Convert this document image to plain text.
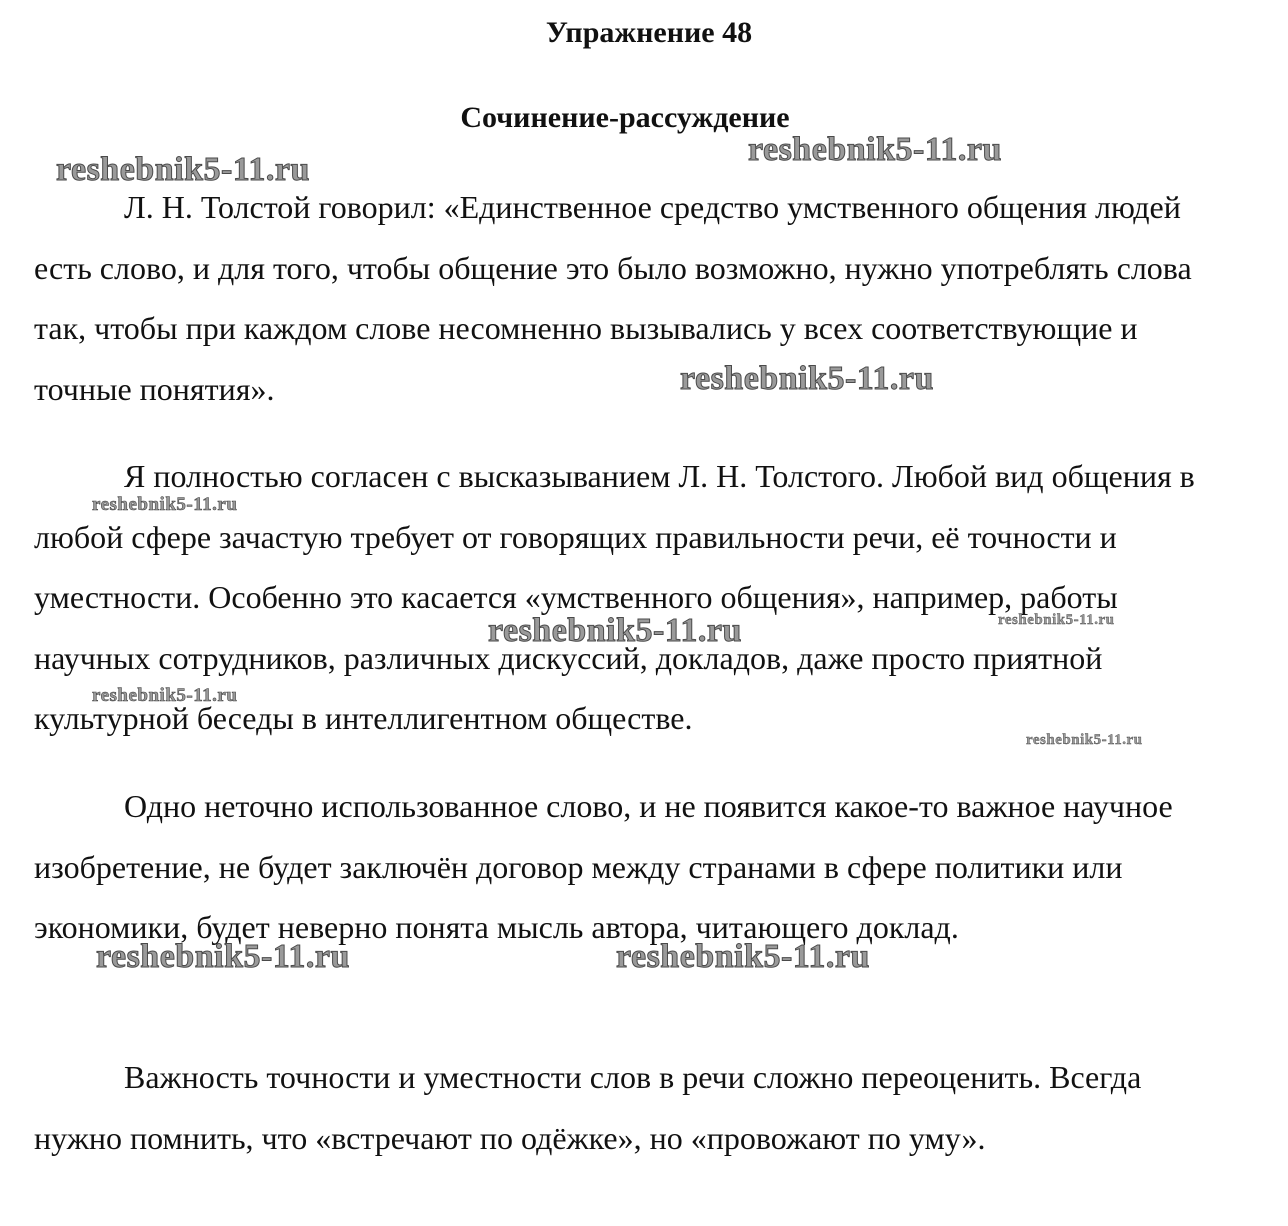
Упражнение 48
Сочинение-рассуждение

Л. Н. Толстой говорил: «Единственное средство умственного общения людей есть слово, и для того, чтобы общение это было возможно, нужно употреблять слова так, чтобы при каждом слове несомненно вызывались у всех соответствующие и точные понятия».

Я полностью согласен с высказыванием Л. Н. Толстого. Любой вид общения в любой сфере зачастую требует от говорящих правильности речи, её точности и уместности. Особенно это касается «умственного общения», например, работы научных сотрудников, различных дискуссий, докладов, даже просто приятной культурной беседы в интеллигентном обществе.

Одно неточно использованное слово, и не появится какое-то важное научное изобретение, не будет заключён договор между странами в сфере политики или экономики, будет неверно понята мысль автора, читающего доклад.

Важность точности и уместности слов в речи сложно переоценить. Всегда нужно помнить, что «встречают по одёжке», но «провожают по уму».

reshebnik5-11.ru
reshebnik5-11.ru
reshebnik5-11.ru
reshebnik5-11.ru
reshebnik5-11.ru	reshebnik5-11.ru
reshebnik5-11.ru
reshebnik5-11.ru
reshebnik5-11.ru	reshebnik5-11.ru
